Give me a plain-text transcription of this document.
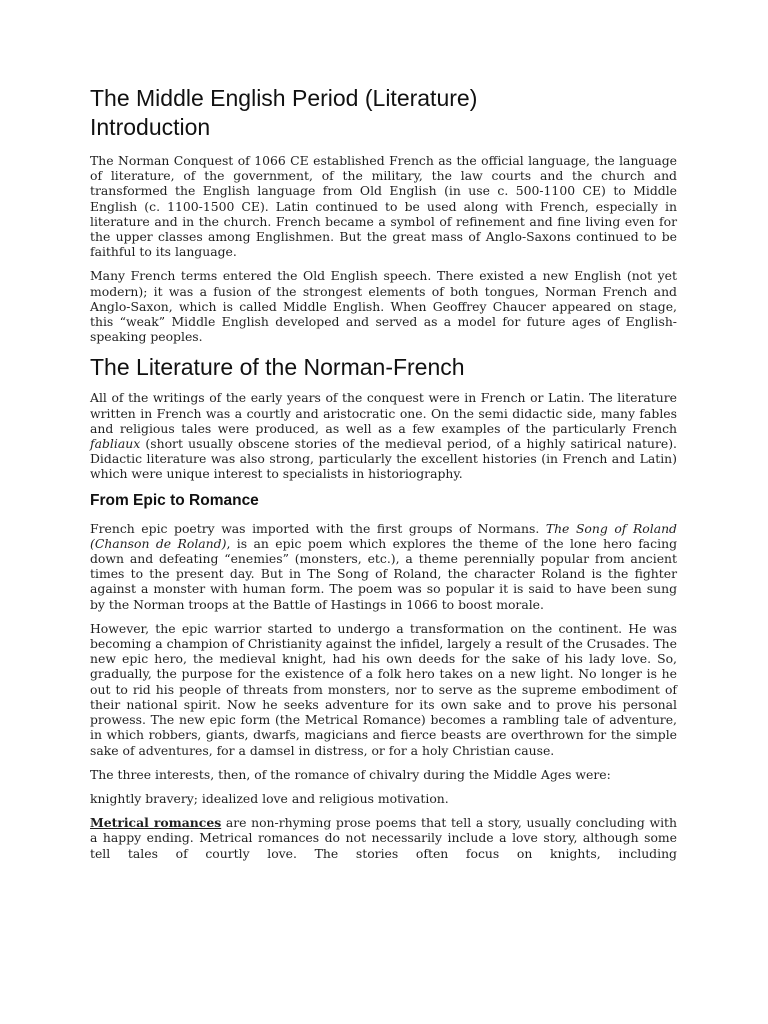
The Middle English Period (Literature)
Introduction

The Norman Conquest of 1066 CE established French as the official language, the language of literature, of the government, of the military, the law courts and the church and transformed the English language from Old English (in use c. 500-1100 CE) to Middle English (c. 1100-1500 CE). Latin continued to be used along with French, especially in literature and in the church. French became a symbol of refinement and fine living even for the upper classes among Englishmen. But the great mass of Anglo-Saxons continued to be faithful to its language.

Many French terms entered the Old English speech. There existed a new English (not yet modern); it was a fusion of the strongest elements of both tongues, Norman French and Anglo-Saxon, which is called Middle English. When Geoffrey Chaucer appeared on stage, this “weak” Middle English developed and served as a model for future ages of English-speaking peoples.

The Literature of the Norman-French

All of the writings of the early years of the conquest were in French or Latin. The literature written in French was a courtly and aristocratic one. On the semi didactic side, many fables and religious tales were produced, as well as a few examples of the particularly French fabliaux (short usually obscene stories of the medieval period, of a highly satirical nature). Didactic literature was also strong, particularly the excellent histories (in French and Latin) which were unique interest to specialists in historiography.

From Epic to Romance

French epic poetry was imported with the first groups of Normans. The Song of Roland (Chanson de Roland), is an epic poem which explores the theme of the lone hero facing down and defeating “enemies” (monsters, etc.), a theme perennially popular from ancient times to the present day. But in The Song of Roland, the character Roland is the fighter against a monster with human form. The poem was so popular it is said to have been sung by the Norman troops at the Battle of Hastings in 1066 to boost morale.

However, the epic warrior started to undergo a transformation on the continent. He was becoming a champion of Christianity against the infidel, largely a result of the Crusades. The new epic hero, the medieval knight, had his own deeds for the sake of his lady love. So, gradually, the purpose for the existence of a folk hero takes on a new light. No longer is he out to rid his people of threats from monsters, nor to serve as the supreme embodiment of their national spirit. Now he seeks adventure for its own sake and to prove his personal prowess. The new epic form (the Metrical Romance) becomes a rambling tale of adventure, in which robbers, giants, dwarfs, magicians and fierce beasts are overthrown for the simple sake of adventures, for a damsel in distress, or for a holy Christian cause.

The three interests, then, of the romance of chivalry during the Middle Ages were:

knightly bravery; idealized love and religious motivation.

Metrical romances are non-rhyming prose poems that tell a story, usually concluding with a happy ending. Metrical romances do not necessarily include a love story, although some tell tales of courtly love. The stories often focus on knights, including
